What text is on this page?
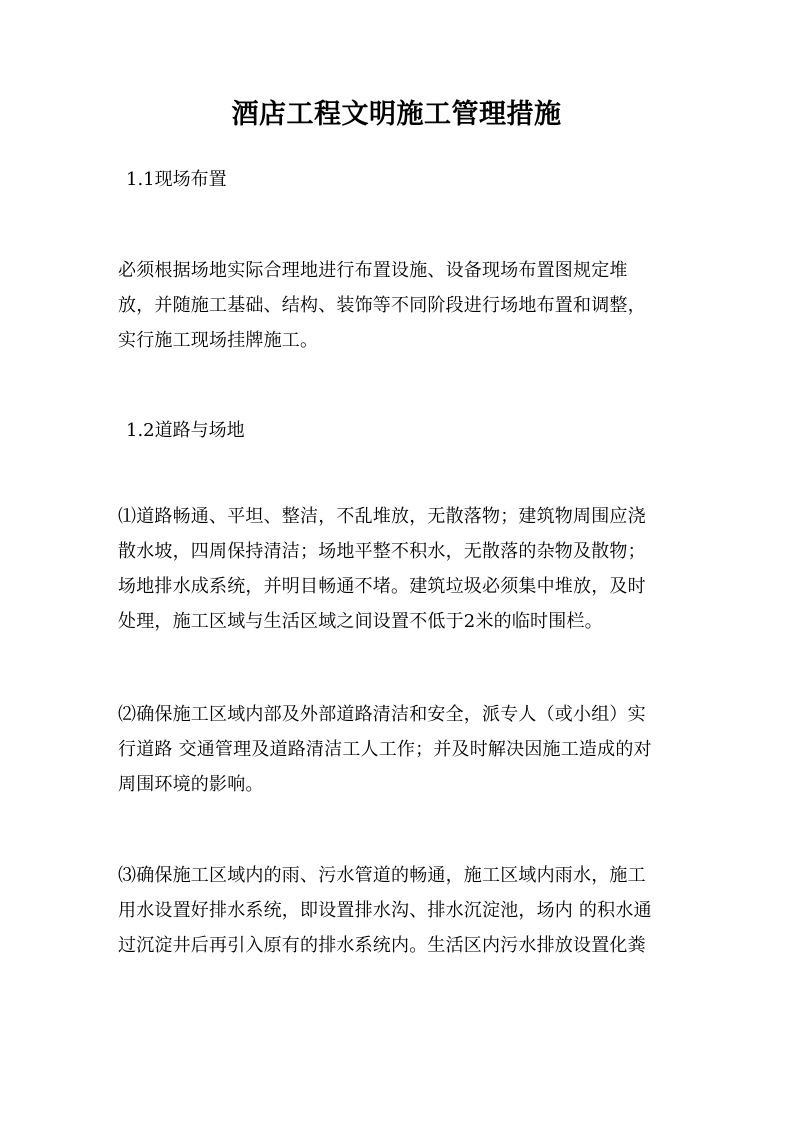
酒店工程文明施工管理措施

1.1现场布置

必须根据场地实际合理地进行布置设施、设备现场布置图规定堆
放，并随施工基础、结构、装饰等不同阶段进行场地布置和调整，
实行施工现场挂牌施工。

1.2道路与场地

⑴道路畅通、平坦、整洁，不乱堆放，无散落物；建筑物周围应浇
散水坡，四周保持清洁；场地平整不积水，无散落的杂物及散物；
场地排水成系统，并明目畅通不堵。建筑垃圾必须集中堆放，及时
处理，施工区域与生活区域之间设置不低于2米的临时围栏。
⑵确保施工区域内部及外部道路清洁和安全，派专人（或小组）实
行道路 交通管理及道路清洁工人工作；并及时解决因施工造成的对
周围环境的影响。
⑶确保施工区域内的雨、污水管道的畅通，施工区域内雨水，施工
用水设置好排水系统，即设置排水沟、排水沉淀池，场内 的积水通
过沉淀井后再引入原有的排水系统内。生活区内污水排放设置化粪
